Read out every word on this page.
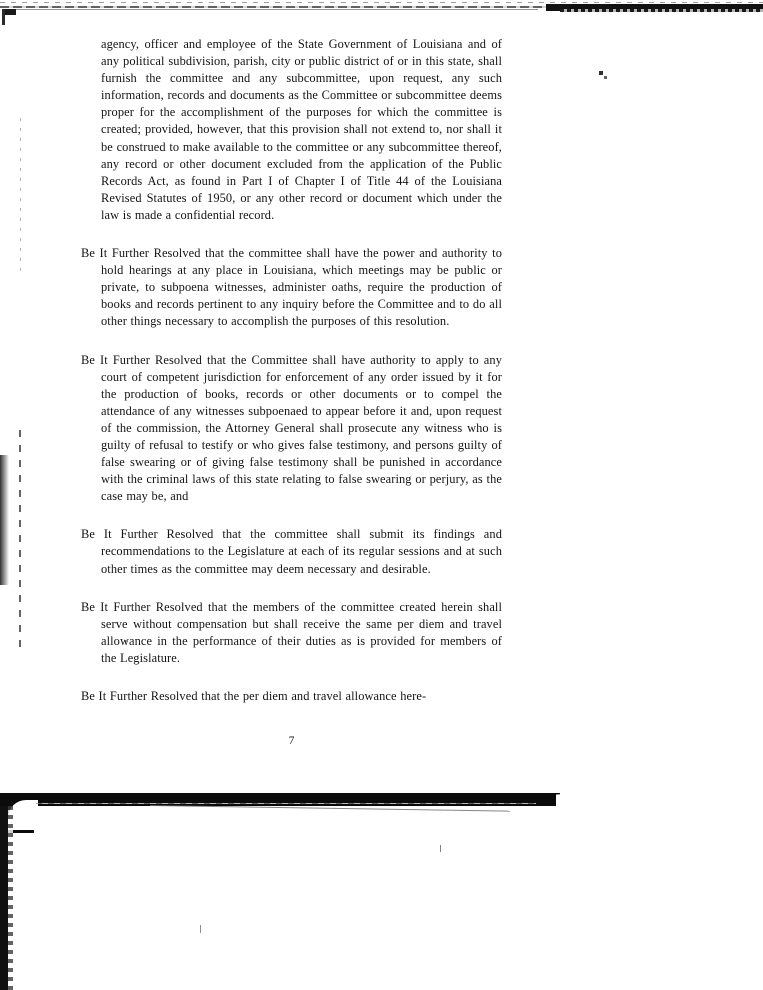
agency, officer and employee of the State Government of Louisiana and of any political subdivision, parish, city or public district of or in this state, shall furnish the committee and any subcommittee, upon request, any such information, records and documents as the Committee or subcommittee deems proper for the accomplishment of the purposes for which the committee is created; provided, however, that this provision shall not extend to, nor shall it be construed to make available to the committee or any subcommittee thereof, any record or other document excluded from the application of the Public Records Act, as found in Part I of Chapter I of Title 44 of the Louisiana Revised Statutes of 1950, or any other record or document which under the law is made a confidential record.

Be It Further Resolved that the committee shall have the power and authority to hold hearings at any place in Louisiana, which meetings may be public or private, to subpoena witnesses, administer oaths, require the production of books and records pertinent to any inquiry before the Committee and to do all other things necessary to accomplish the purposes of this resolution.

Be It Further Resolved that the Committee shall have authority to apply to any court of competent jurisdiction for enforcement of any order issued by it for the production of books, records or other documents or to compel the attendance of any witnesses subpoenaed to appear before it and, upon request of the commission, the Attorney General shall prosecute any witness who is guilty of refusal to testify or who gives false testimony, and persons guilty of false swearing or of giving false testimony shall be punished in accordance with the criminal laws of this state relating to false swearing or perjury, as the case may be, and

Be It Further Resolved that the committee shall submit its findings and recommendations to the Legislature at each of its regular sessions and at such other times as the committee may deem necessary and desirable.

Be It Further Resolved that the members of the committee created herein shall serve without compensation but shall receive the same per diem and travel allowance in the performance of their duties as is provided for members of the Legislature.

Be It Further Resolved that the per diem and travel allowance here-

7
